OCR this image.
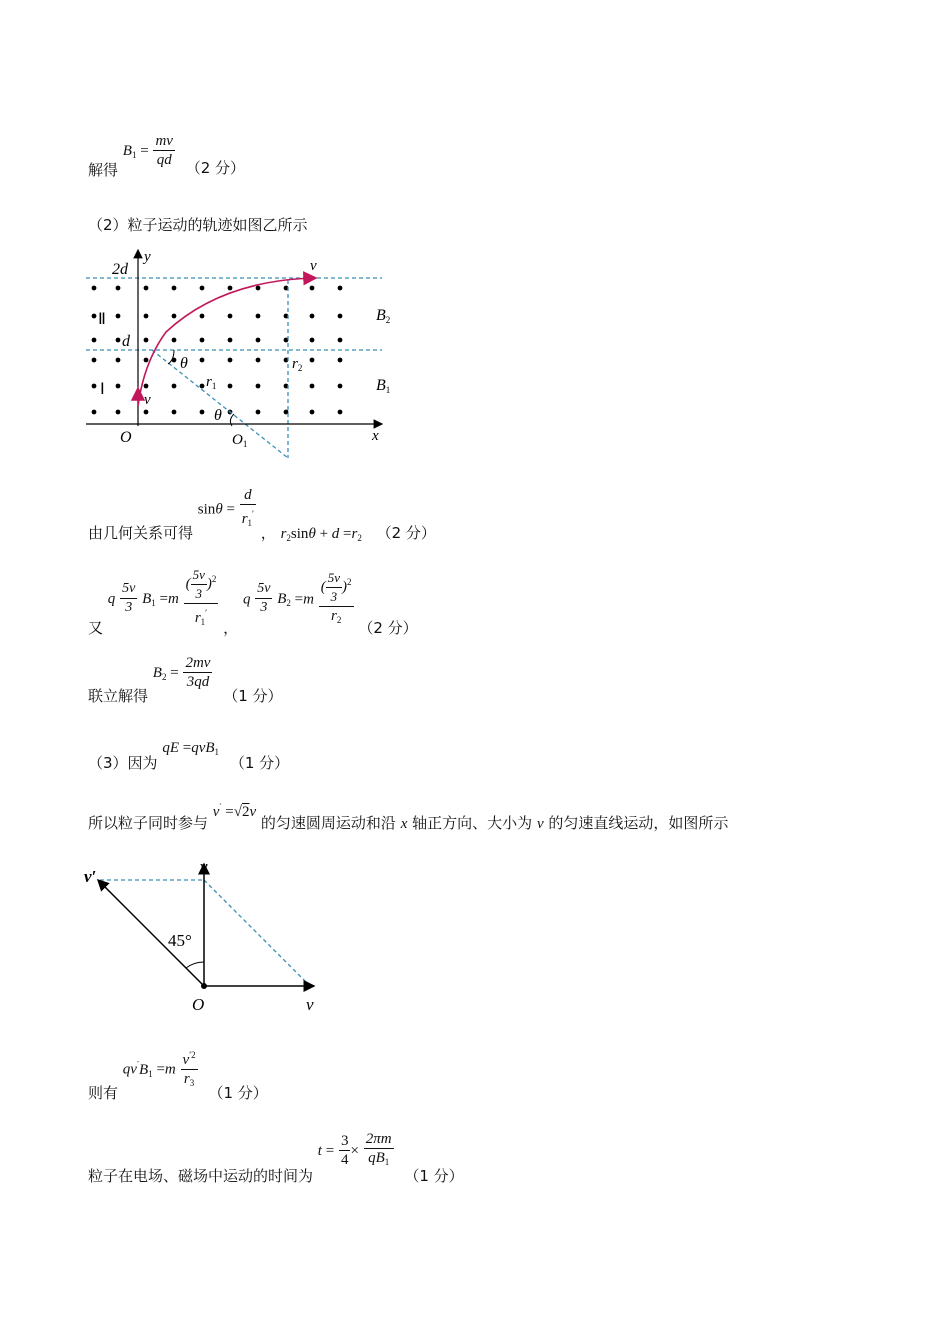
解得 $B_1 = \frac{mv}{qd} (2$ 分）
（2）粒子运动的轨迹如图乙所示
y
2d
d
Ⅱ
Ⅰ
O	x
v
v
θ
θ
$r_1$
$r_2$
$O_1$
B2
B1
由几何关系可得 $\sin\theta = \frac{d}{r_1'}$
， $r_2\sin\theta + d =r_2$ （2 分）
又 q $\frac{5v}{3} B_1 =m \frac{( \frac{5v}{3} )^2}{r_1'}$ ， q $\frac{5v}{3} B_2 =m \frac{( \frac{5v}{3} )^2}{r_2} (2$ 分）
联立解得 $B_2 = \frac{2mv}{3qd}$
（1 分）
（3）因为 qE =qvB$_1$ （1 分）
所以粒子同时参与 v′ =√2v 的匀速圆周运动和沿 x 轴正方向、大小为 v 的匀速直线运动，如图所示
v′
v
45°
O	v
则有 $qv'B_1 =m \frac{v^{'2}}{r_3}$
（1 分）
粒子在电场、磁场中运动的时间为 $t = \frac{3}{4} \times \frac{2\pi m}{qB_1}$
（1 分）
